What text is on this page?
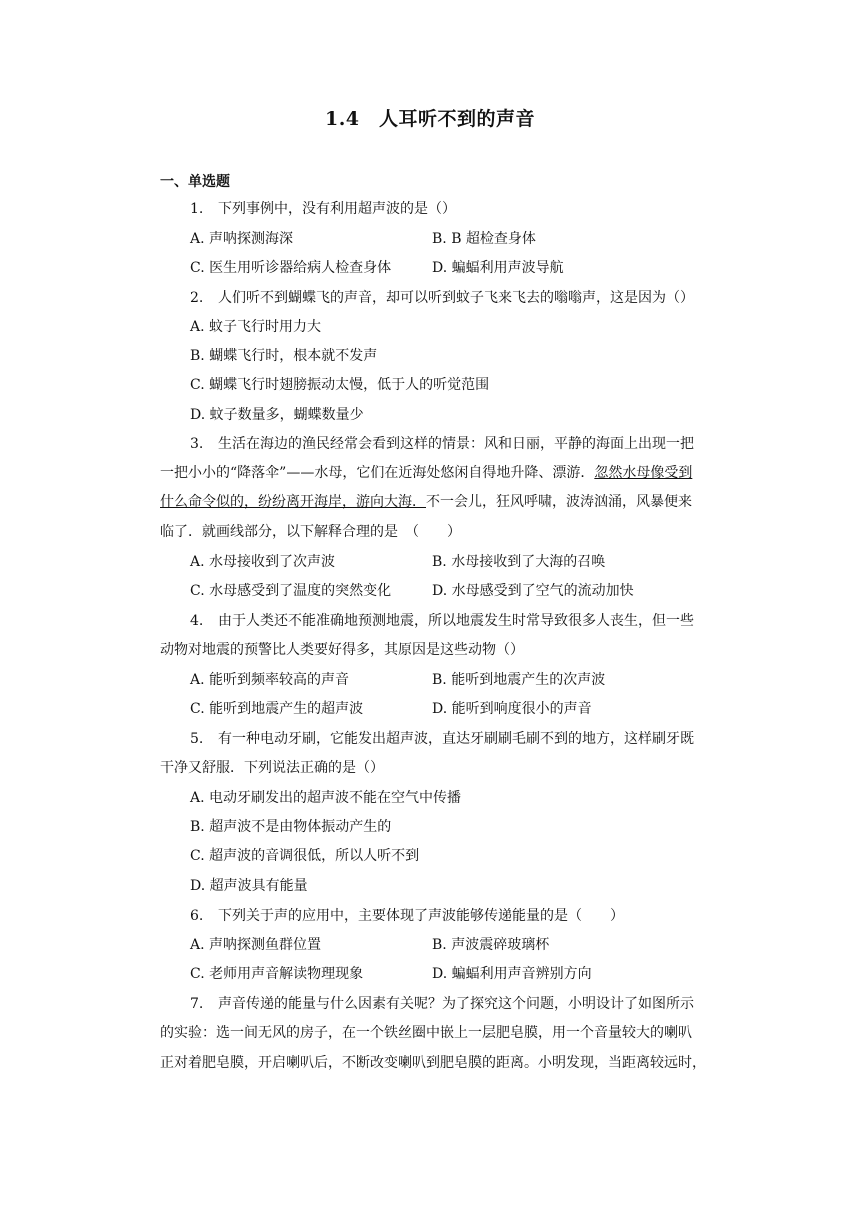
1.4　人耳听不到的声音
一、单选题
1. 下列事例中，没有利用超声波的是（）
A. 声呐探测海深	B. B 超检查身体
C. 医生用听诊器给病人检查身体	D. 蝙蝠利用声波导航
2. 人们听不到蝴蝶飞的声音，却可以听到蚊子飞来飞去的嗡嗡声，这是因为（）
A. 蚊子飞行时用力大
B. 蝴蝶飞行时，根本就不发声
C. 蝴蝶飞行时翅膀振动太慢，低于人的听觉范围
D. 蚊子数量多，蝴蝶数量少
3. 生活在海边的渔民经常会看到这样的情景：风和日丽，平静的海面上出现一把
一把小小的“降落伞”——水母，它们在近海处悠闲自得地升降、漂游．忽然水母像受到
什么命令似的，纷纷离开海岸，游向大海．不一会儿，狂风呼啸，波涛汹涌，风暴便来
临了．就画线部分，以下解释合理的是　（　　）
A. 水母接收到了次声波	B. 水母接收到了大海的召唤
C. 水母感受到了温度的突然变化	D. 水母感受到了空气的流动加快
4. 由于人类还不能准确地预测地震，所以地震发生时常导致很多人丧生，但一些
动物对地震的预警比人类要好得多，其原因是这些动物（）
A. 能听到频率较高的声音	B. 能听到地震产生的次声波
C. 能听到地震产生的超声波	D. 能听到响度很小的声音
5. 有一种电动牙刷，它能发出超声波，直达牙刷刷毛刷不到的地方，这样刷牙既
干净又舒服．下列说法正确的是（）
A. 电动牙刷发出的超声波不能在空气中传播
B. 超声波不是由物体振动产生的
C. 超声波的音调很低，所以人听不到
D. 超声波具有能量
6. 下列关于声的应用中，主要体现了声波能够传递能量的是（　　）
A. 声呐探测鱼群位置	B. 声波震碎玻璃杯
C. 老师用声音解读物理现象	D. 蝙蝠利用声音辨别方向
7. 声音传递的能量与什么因素有关呢？为了探究这个问题，小明设计了如图所示
的实验：选一间无风的房子，在一个铁丝圈中嵌上一层肥皂膜，用一个音量较大的喇叭
正对着肥皂膜，开启喇叭后，不断改变喇叭到肥皂膜的距离。小明发现，当距离较远时，
